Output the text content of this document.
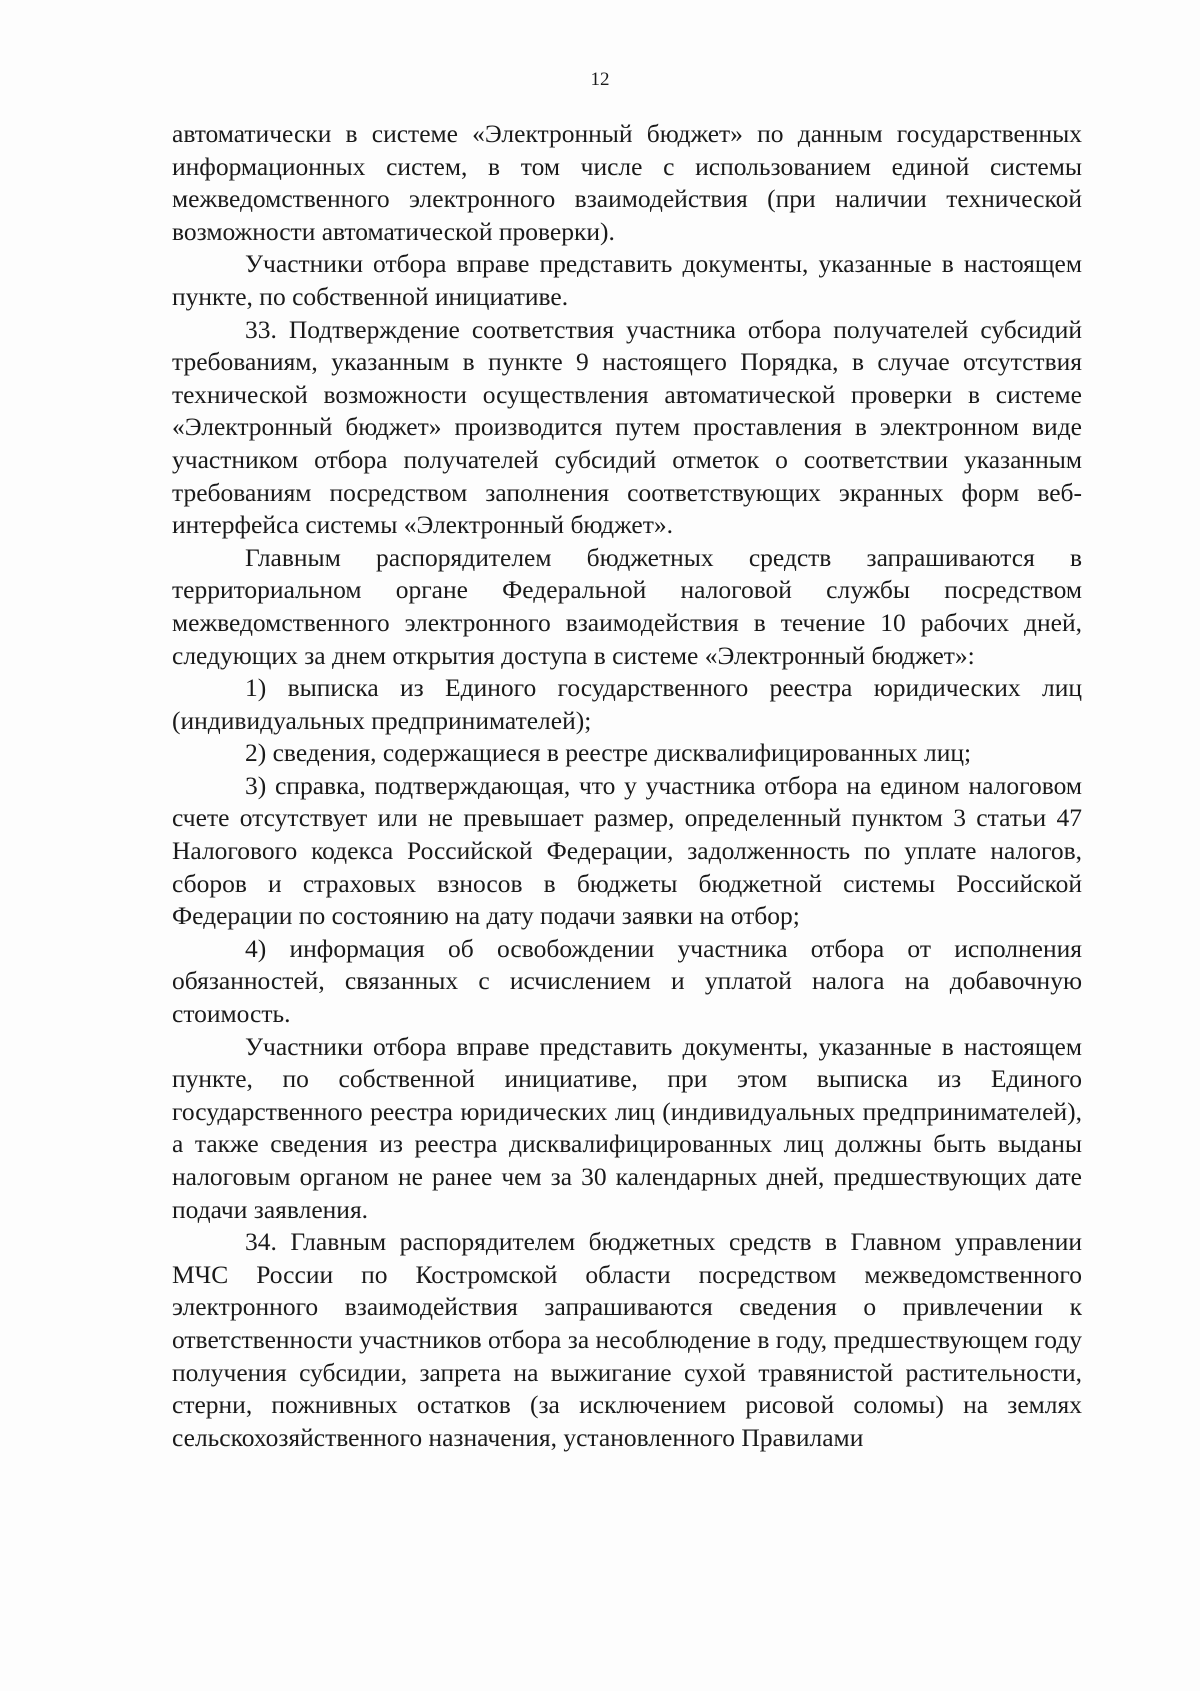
12

автоматически в системе «Электронный бюджет» по данным государственных информационных систем, в том числе с использованием единой системы межведомственного электронного взаимодействия (при наличии технической возможности автоматической проверки).

Участники отбора вправе представить документы, указанные в настоящем пункте, по собственной инициативе.

33. Подтверждение соответствия участника отбора получателей субсидий требованиям, указанным в пункте 9 настоящего Порядка, в случае отсутствия технической возможности осуществления автоматической проверки в системе «Электронный бюджет» производится путем проставления в электронном виде участником отбора получателей субсидий отметок о соответствии указанным требованиям посредством заполнения соответствующих экранных форм веб-интерфейса системы «Электронный бюджет».

Главным распорядителем бюджетных средств запрашиваются в территориальном органе Федеральной налоговой службы посредством межведомственного электронного взаимодействия в течение 10 рабочих дней, следующих за днем открытия доступа в системе «Электронный бюджет»:

1) выписка из Единого государственного реестра юридических лиц (индивидуальных предпринимателей);

2) сведения, содержащиеся в реестре дисквалифицированных лиц;

3) справка, подтверждающая, что у участника отбора на едином налоговом счете отсутствует или не превышает размер, определенный пунктом 3 статьи 47 Налогового кодекса Российской Федерации, задолженность по уплате налогов, сборов и страховых взносов в бюджеты бюджетной системы Российской Федерации по состоянию на дату подачи заявки на отбор;

4) информация об освобождении участника отбора от исполнения обязанностей, связанных с исчислением и уплатой налога на добавочную стоимость.

Участники отбора вправе представить документы, указанные в настоящем пункте, по собственной инициативе, при этом выписка из Единого государственного реестра юридических лиц (индивидуальных предпринимателей), а также сведения из реестра дисквалифицированных лиц должны быть выданы налоговым органом не ранее чем за 30 календарных дней, предшествующих дате подачи заявления.

34. Главным распорядителем бюджетных средств в Главном управлении МЧС России по Костромской области посредством межведомственного электронного взаимодействия запрашиваются сведения о привлечении к ответственности участников отбора за несоблюдение в году, предшествующем году получения субсидии, запрета на выжигание сухой травянистой растительности, стерни, пожнивных остатков (за исключением рисовой соломы) на землях сельскохозяйственного назначения, установленного Правилами
